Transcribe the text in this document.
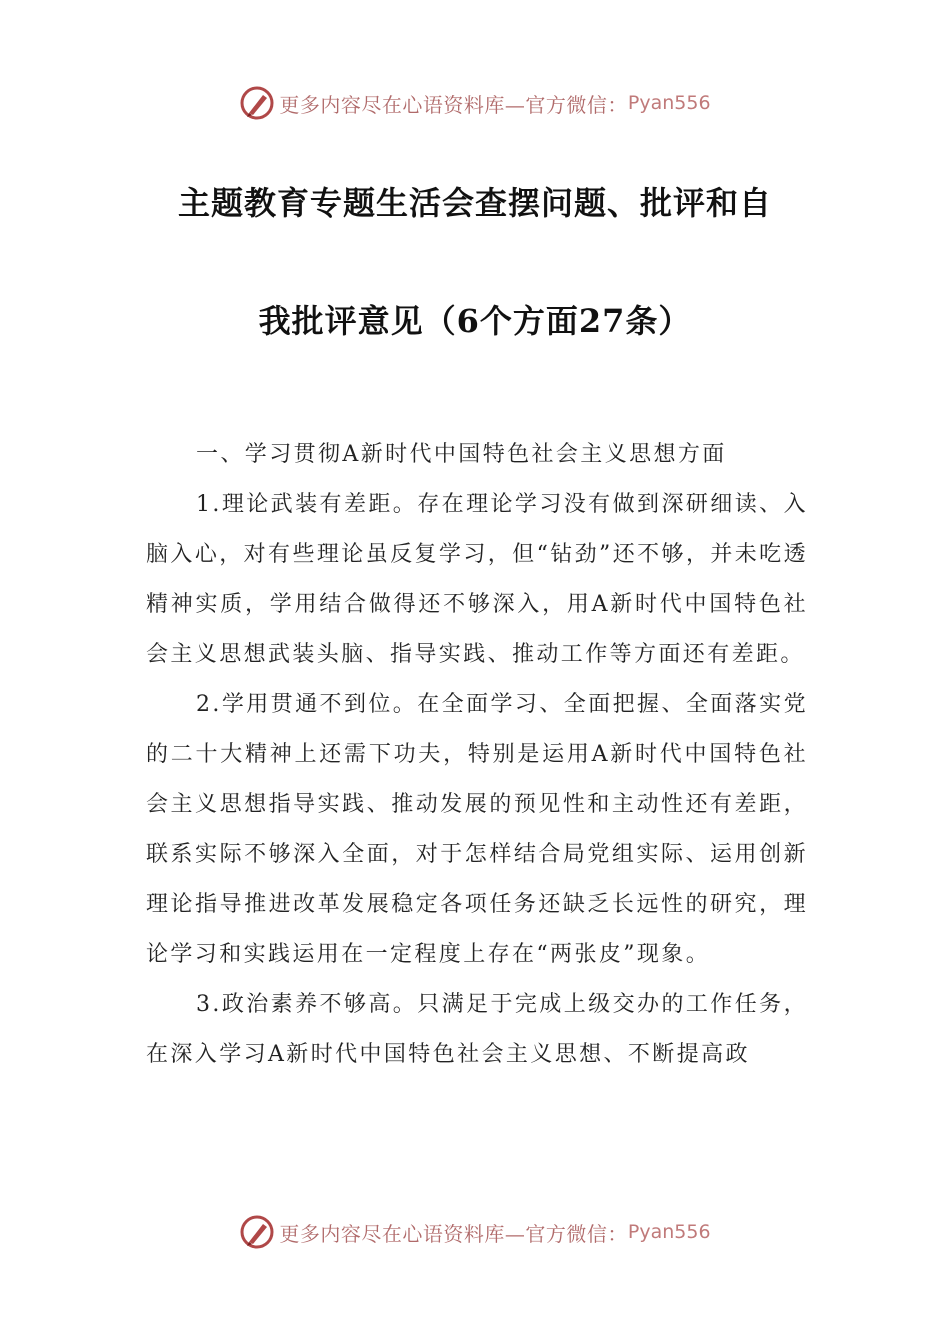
更多内容尽在心语资料库—官方微信： Pyan556
主题教育专题生活会查摆问题、批评和自
我批评意见（6个方面27条）

一、学习贯彻A新时代中国特色社会主义思想方面

1.理论武装有差距。存在理论学习没有做到深研细读、入脑入心，对有些理论虽反复学习，但“钻劲”还不够，并未吃透精神实质，学用结合做得还不够深入，用A新时代中国特色社会主义思想武装头脑、指导实践、推动工作等方面还有差距。

2.学用贯通不到位。在全面学习、全面把握、全面落实党的二十大精神上还需下功夫，特别是运用A新时代中国特色社会主义思想指导实践、推动发展的预见性和主动性还有差距，联系实际不够深入全面，对于怎样结合局党组实际、运用创新理论指导推进改革发展稳定各项任务还缺乏长远性的研究，理论学习和实践运用在一定程度上存在“两张皮”现象。

3.政治素养不够高。只满足于完成上级交办的工作任务，在深入学习A新时代中国特色社会主义思想、不断提高政

更多内容尽在心语资料库—官方微信： Pyan556
